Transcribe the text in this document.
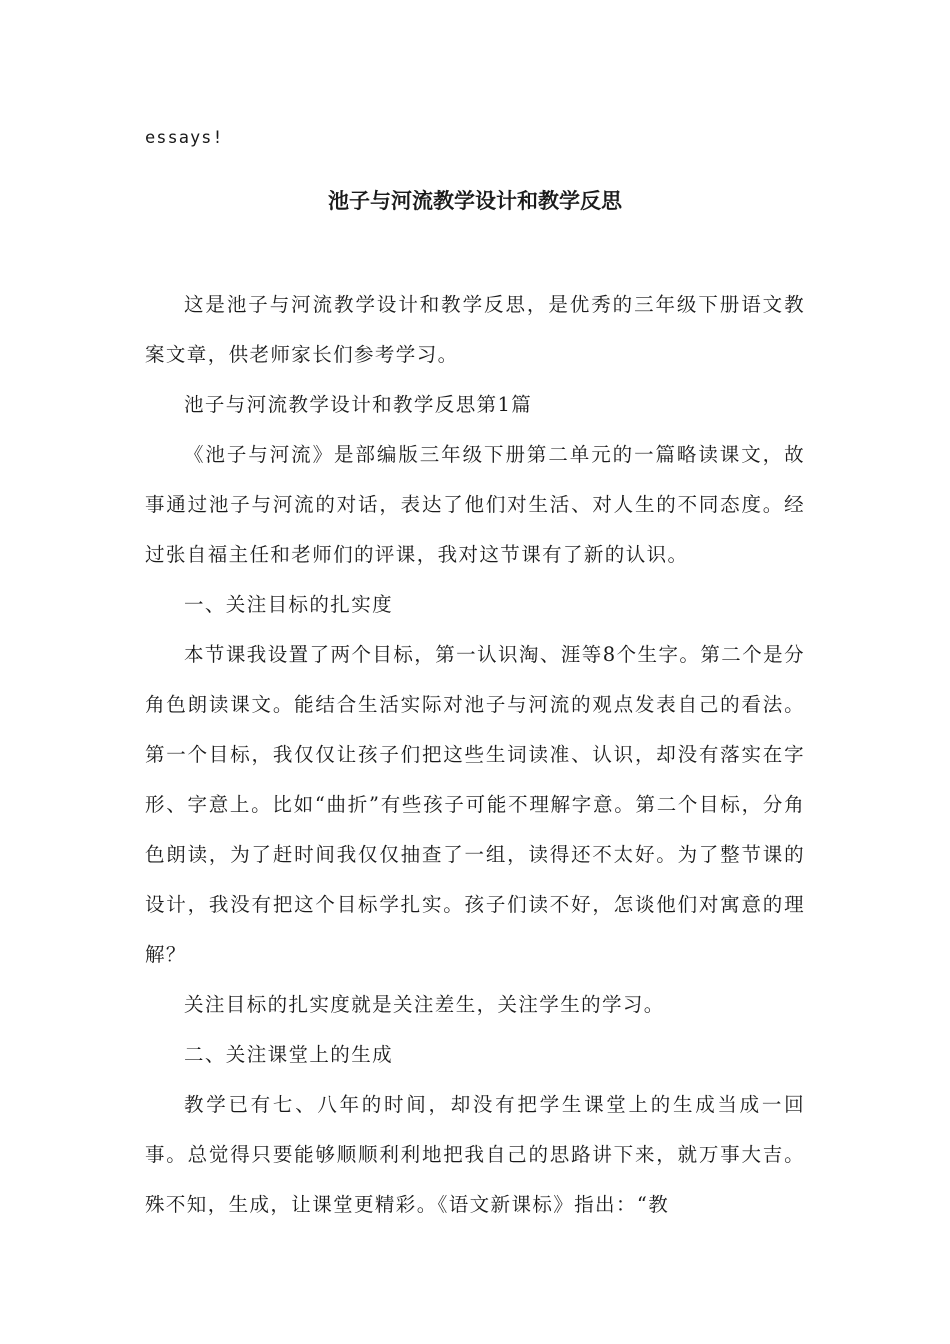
essays!
池子与河流教学设计和教学反思

这是池子与河流教学设计和教学反思，是优秀的三年级下册语文教案文章，供老师家长们参考学习。

池子与河流教学设计和教学反思第1篇

《池子与河流》是部编版三年级下册第二单元的一篇略读课文，故事通过池子与河流的对话，表达了他们对生活、对人生的不同态度。经过张自福主任和老师们的评课，我对这节课有了新的认识。

一、关注目标的扎实度

本节课我设置了两个目标，第一认识淘、涯等8个生字。第二个是分角色朗读课文。能结合生活实际对池子与河流的观点发表自己的看法。第一个目标，我仅仅让孩子们把这些生词读准、认识，却没有落实在字形、字意上。比如“曲折”有些孩子可能不理解字意。第二个目标，分角色朗读，为了赶时间我仅仅抽查了一组，读得还不太好。为了整节课的设计，我没有把这个目标学扎实。孩子们读不好，怎谈他们对寓意的理解？

关注目标的扎实度就是关注差生，关注学生的学习。

二、关注课堂上的生成

教学已有七、八年的时间，却没有把学生课堂上的生成当成一回事。总觉得只要能够顺顺利利地把我自己的思路讲下来，就万事大吉。殊不知，生成，让课堂更精彩。《语文新课标》指出：“教
